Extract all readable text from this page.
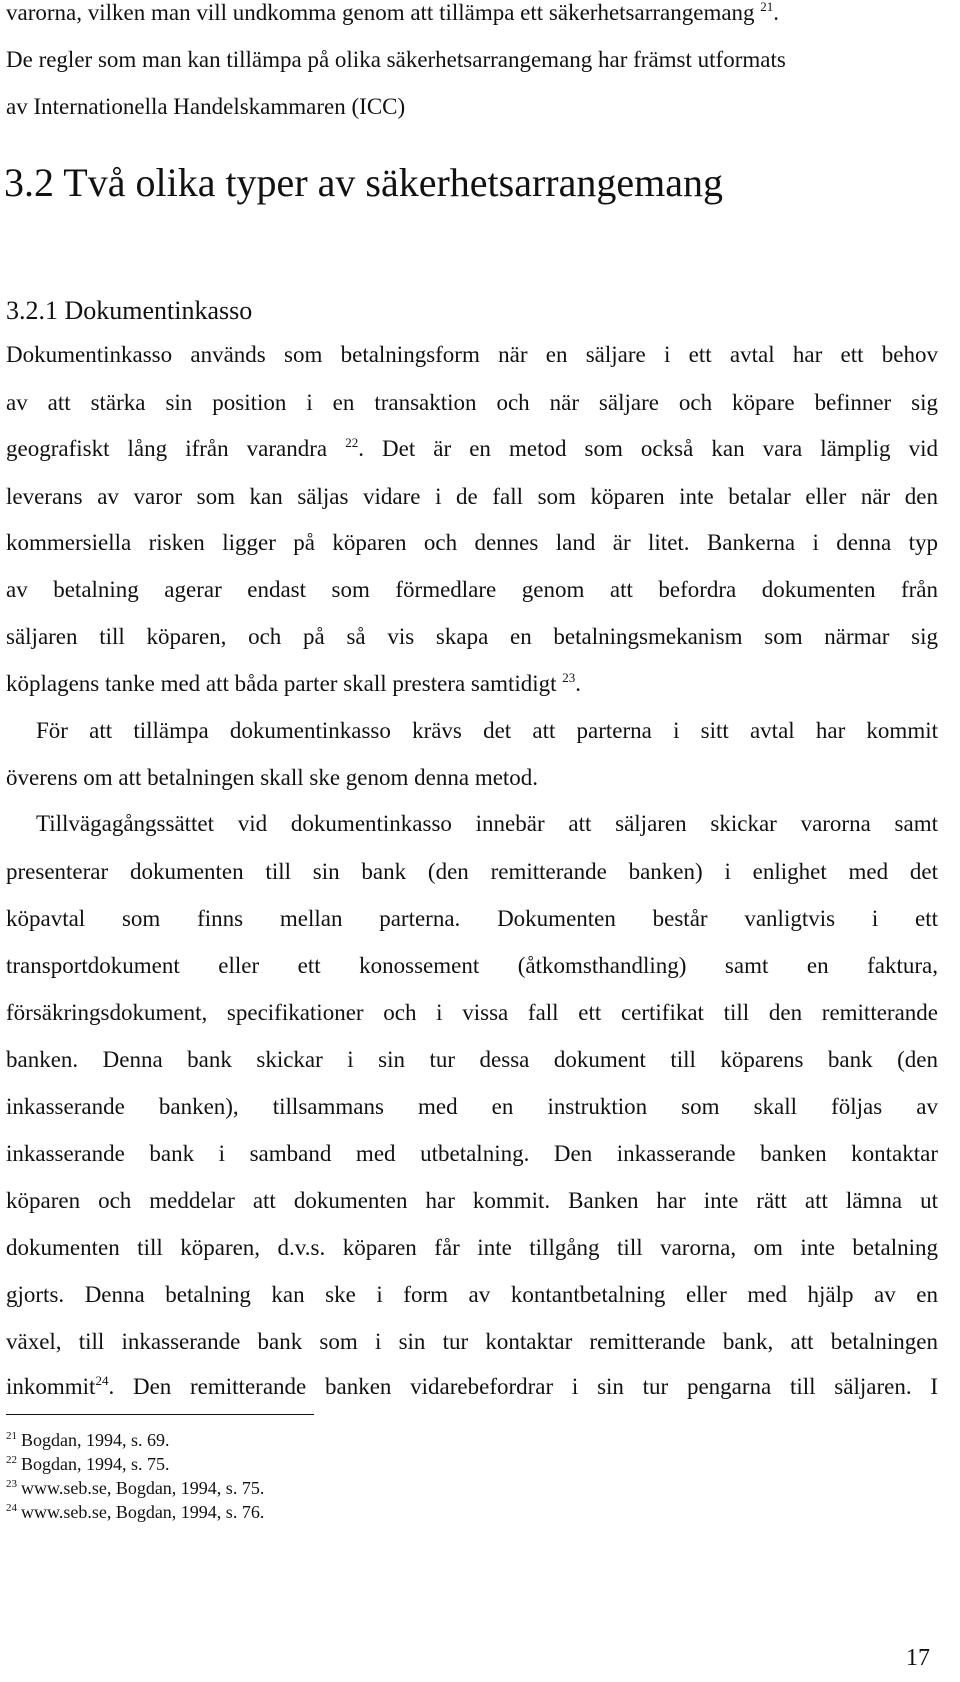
varorna, vilken man vill undkomma genom att tillämpa ett säkerhetsarrangemang $^{21}$.
De regler som man kan tillämpa på olika säkerhetsarrangemang har främst utformats
av Internationella Handelskammaren (ICC)
3.2 Två olika typer av säkerhetsarrangemang
3.2.1 Dokumentinkasso
Dokumentinkasso används som betalningsform när en säljare i ett avtal har ett behov
av att stärka sin position i en transaktion och när säljare och köpare befinner sig
geografiskt lång ifrån varandra $^{22}$. Det är en metod som också kan vara lämplig vid
leverans av varor som kan säljas vidare i de fall som köparen inte betalar eller när den
kommersiella risken ligger på köparen och dennes land är litet. Bankerna i denna typ
av betalning agerar endast som förmedlare genom att befordra dokumenten från
säljaren till köparen, och på så vis skapa en betalningsmekanism som närmar sig
köplagens tanke med att båda parter skall prestera samtidigt $^{23}$.
För att tillämpa dokumentinkasso krävs det att parterna i sitt avtal har kommit
överens om att betalningen skall ske genom denna metod.
Tillvägagångssättet vid dokumentinkasso innebär att säljaren skickar varorna samt
presenterar dokumenten till sin bank (den remitterande banken) i enlighet med det
köpavtal som finns mellan parterna. Dokumenten består vanligtvis i ett
transportdokument eller ett konossement (åtkomsthandling) samt en faktura,
försäkringsdokument, specifikationer och i vissa fall ett certifikat till den remitterande
banken. Denna bank skickar i sin tur dessa dokument till köparens bank (den
inkasserande banken), tillsammans med en instruktion som skall följas av
inkasserande bank i samband med utbetalning. Den inkasserande banken kontaktar
köparen och meddelar att dokumenten har kommit. Banken har inte rätt att lämna ut
dokumenten till köparen, d.v.s. köparen får inte tillgång till varorna, om inte betalning
gjorts. Denna betalning kan ske i form av kontantbetalning eller med hjälp av en
växel, till inkasserande bank som i sin tur kontaktar remitterande bank, att betalningen
inkommit$^{24}$. Den remitterande banken vidarebefordrar i sin tur pengarna till säljaren. I
$^{21}$ Bogdan, 1994, s. 69.
$^{22}$ Bogdan, 1994, s. 75.
$^{23}$ www.seb.se, Bogdan, 1994, s. 75.
$^{24}$ www.seb.se, Bogdan, 1994, s. 76.
17
